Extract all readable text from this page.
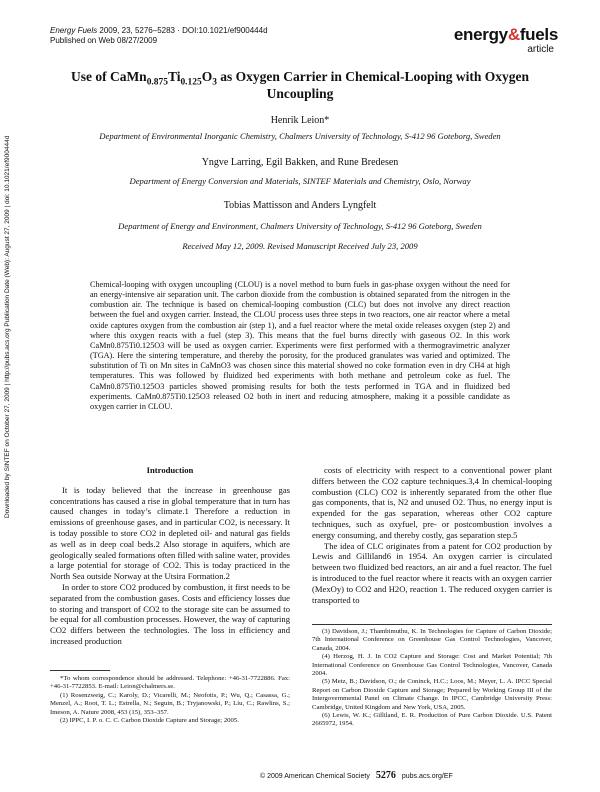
Energy Fuels 2009, 23, 5276–5283 · DOI:10.1021/ef900444d
Published on Web 08/27/2009	energy&fuels
article
Use of $CaMn_{0.875}Ti_{0.125}O_3$ as Oxygen Carrier in Chemical-Looping with Oxygen Uncoupling
Henrik Leion*
Department of Environmental Inorganic Chemistry, Chalmers University of Technology, S-412 96 Goteborg, Sweden
Yngve Larring, Egil Bakken, and Rune Bredesen
Department of Energy Conversion and Materials, SINTEF Materials and Chemistry, Oslo, Norway
Tobias Mattisson and Anders Lyngfelt
Department of Energy and Environment, Chalmers University of Technology, S-412 96 Goteborg, Sweden
Received May 12, 2009. Revised Manuscript Received July 23, 2009
Downloaded by SINTEF on October 27, 2009 | http://pubs.acs.org Publication Date (Web): August 27, 2009 | doi: 10.1021/ef900444d	Chemical-looping with oxygen uncoupling (CLOU) is a novel method to burn fuels in gas-phase oxygen without the need for an energy-intensive air separation unit. The carbon dioxide from the combustion is obtained separated from the nitrogen in the combustion air. The technique is based on chemical-looping combustion (CLC) but does not involve any direct reaction between the fuel and oxygen carrier. Instead, the CLOU process uses three steps in two reactors, one air reactor where a metal oxide captures oxygen from the combustion air (step 1), and a fuel reactor where the metal oxide releases oxygen (step 2) and where this oxygen reacts with a fuel (step 3). This means that the fuel burns directly with gaseous O2. In this work CaMn0.875Ti0.125O3 will be used as oxygen carrier. Experiments were first performed with a thermogravimetric analyzer (TGA). Here the sintering temperature, and thereby the porosity, for the produced granulates was varied and optimized. The substitution of Ti on Mn sites in CaMnO3 was chosen since this material showed no coke formation even in dry CH4 at high temperatures. This was followed by fluidized bed experiments with both methane and petroleum coke as fuel. The CaMn0.875Ti0.125O3 particles showed promising results for both the tests performed in TGA and in fluidized bed experiments. CaMn0.875Ti0.125O3 released O2 both in inert and reducing atmosphere, making it a possible candidate as oxygen carrier in CLOU.
Introduction

It is today believed that the increase in greenhouse gas concentrations has caused a rise in global temperature that in turn has caused changes in today’s climate.1 Therefore a reduction in emissions of greenhouse gases, and in particular CO2, is necessary. It is today possible to store CO2 in depleted oil- and natural gas fields as well as in deep coal beds.2 Also storage in aquifers, which are geologically sealed formations often filled with saline water, provides a large potential for storage of CO2. This is today practiced in the North Sea outside Norway at the Utsira Formation.2

In order to store CO2 produced by combustion, it first needs to be separated from the combustion gases. Costs and efficiency losses due to storing and transport of CO2 to the storage site can be assumed to be equal for all combustion processes. However, the way of capturing CO2 differs between the technologies. The loss in efficiency and increased production

*To whom correspondence should be addressed. Telephone: +46-31-7722886. Fax: +46-31-7722853. E-mail: Leion@chalmers.se.

(1) Rosenzweig, C.; Karoly, D.; Vicarelli, M.; Neofotis, P.; Wu, Q.; Casassa, G.; Menzel, A.; Root, T. L.; Estrella, N.; Seguin, B.; Tryjanowski, P.; Liu, C.; Rawlins, S.; Imeson, A. Nature 2008, 453 (15), 353–357.

(2) IPPC, I. P. o. C. C. Carbon Dioxide Capture and Storage; 2005.

costs of electricity with respect to a conventional power plant differs between the CO2 capture techniques.3,4 In chemical-looping combustion (CLC) CO2 is inherently separated from the other flue gas components, that is, N2 and unused O2. Thus, no energy input is expended for the gas separation, whereas other CO2 capture techniques, such as oxyfuel, pre- or postcombustion involves a energy consuming, and thereby costly, gas separation step.5

The idea of CLC originates from a patent for CO2 production by Lewis and Gilliland6 in 1954. An oxygen carrier is circulated between two fluidized bed reactors, an air and a fuel reactor. The fuel is introduced to the fuel reactor where it reacts with an oxygen carrier (MexOy) to CO2 and H2O, reaction 1. The reduced oxygen carrier is transported to

(3) Davidson, J.; Thambimuthu, K. In Technologies for Capture of Carbon Dioxide; 7th International Conference on Greenhouse Gas Control Technologies, Vancover, Canada, 2004.

(4) Herzog, H. J. In CO2 Capture and Storage: Cost and Market Potential; 7th International Conference on Greenhouse Gas Control Technologies, Vancover, Canada 2004.

(5) Metz, B.; Davidson, O.; de Coninck, H.C.; Loos, M.; Meyer, L. A. IPCC Special Report on Carbon Dioxide Capture and Storage; Prepared by Working Group III of the Intergovernmental Panel on Climate Change. In IPCC, Cambridge University Press: Cambridge, United Kingdom and New York, USA, 2005.

(6) Lewis, W. K.; Gilliland, E. R. Production of Pure Carbon Dioxide. U.S. Patent 2665972, 1954.

© 2009 American Chemical Society 5276 pubs.acs.org/EF
